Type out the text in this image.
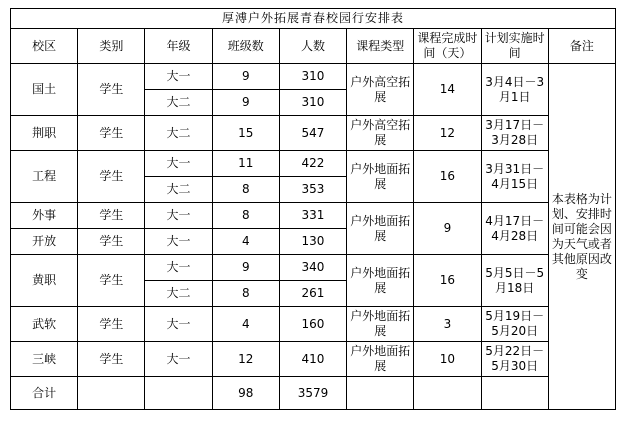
厚溥户外拓展青春校园行安排表								
校区	类别	年级	班级数	人数	课程类型	课程完成时间（天）	计划实施时间	备注
国土	学生	大一	9	310	户外高空拓展	14	3月4日－3月1日	本表格为计划、安排时间可能会因为天气或者其他原因改变
		大二	9	310				
荆职	学生	大二	15	547	户外高空拓展	12	3月17日－3月28日	
工程	学生	大一	11	422	户外地面拓展	16	3月31日－4月15日	
		大二	8	353				
外事	学生	大一	8	331	户外地面拓展	9	4月17日－4月28日	
开放	学生	大一	4	130				
黄职	学生	大一	9	340	户外地面拓展	16	5月5日－5月18日	
		大二	8	261				
武软	学生	大一	4	160	户外地面拓展	3	5月19日－5月20日	
三峡	学生	大一	12	410	户外地面拓展	10	5月22日－5月30日	
合计			98	3579				
